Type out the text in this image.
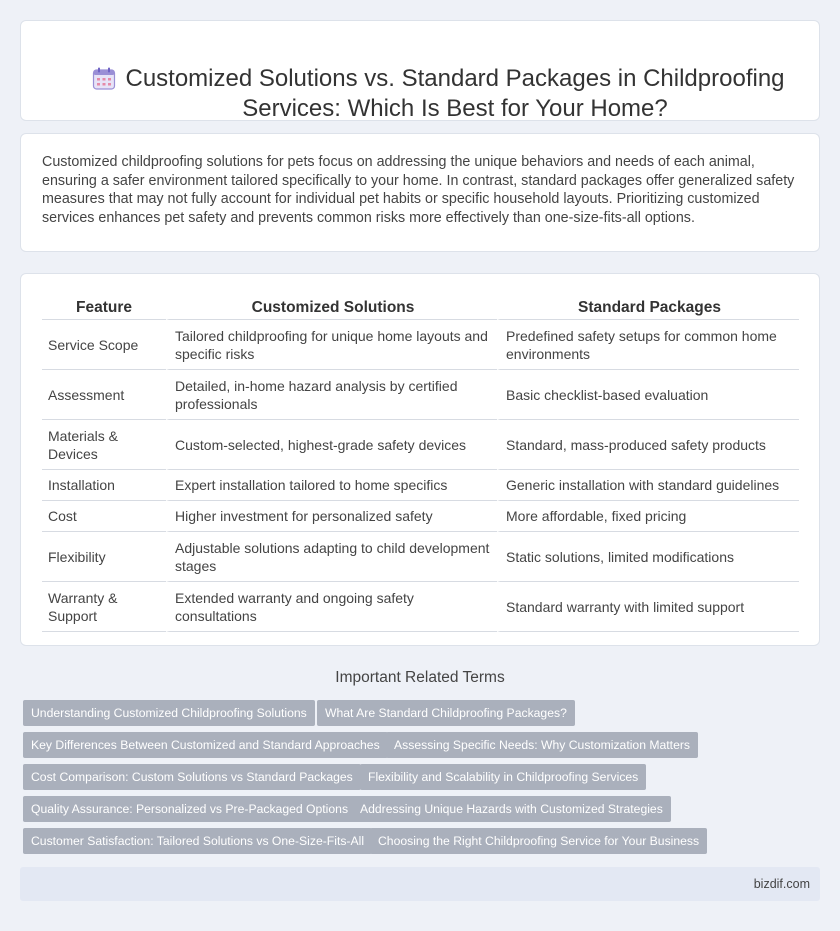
Customized Solutions vs. Standard Packages in Childproofing Services: Which Is Best for Your Home?

Customized childproofing solutions for pets focus on addressing the unique behaviors and needs of each animal, ensuring a safer environment tailored specifically to your home. In contrast, standard packages offer generalized safety measures that may not fully account for individual pet habits or specific household layouts. Prioritizing customized services enhances pet safety and prevents common risks more effectively than one-size-fits-all options.

Feature	Customized Solutions	Standard Packages
Service Scope	Tailored childproofing for unique home layouts and specific risks	Predefined safety setups for common home environments
Assessment	Detailed, in-home hazard analysis by certified professionals	Basic checklist-based evaluation
Materials & Devices	Custom-selected, highest-grade safety devices	Standard, mass-produced safety products
Installation	Expert installation tailored to home specifics	Generic installation with standard guidelines
Cost	Higher investment for personalized safety	More affordable, fixed pricing
Flexibility	Adjustable solutions adapting to child development stages	Static solutions, limited modifications
Warranty & Support	Extended warranty and ongoing safety consultations	Standard warranty with limited support
Important Related Terms
Understanding Customized Childproofing Solutions	What Are Standard Childproofing Packages?
Key Differences Between Customized and Standard Approaches	Assessing Specific Needs: Why Customization Matters
Cost Comparison: Custom Solutions vs Standard Packages	Flexibility and Scalability in Childproofing Services
Quality Assurance: Personalized vs Pre-Packaged Options Addressing Unique Hazards with Customized Strategies
Customer Satisfaction: Tailored Solutions vs One-Size-Fits-All	Choosing the Right Childproofing Service for Your Business
bizdif.com
